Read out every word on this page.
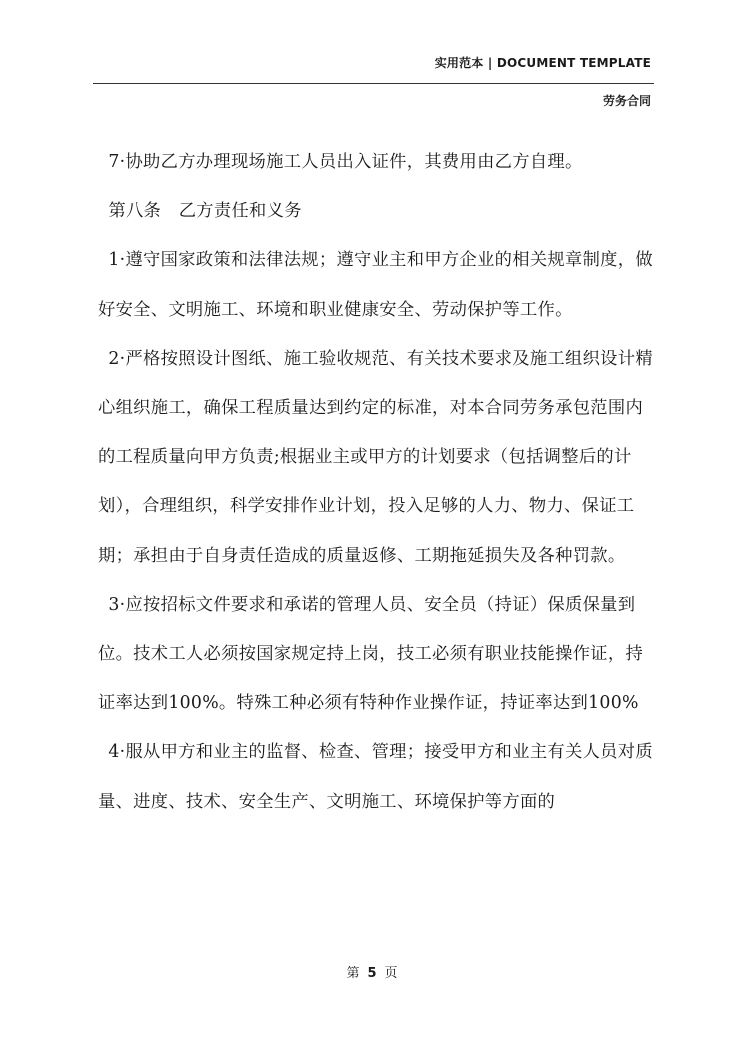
实用范本 | DOCUMENT TEMPLATE
劳务合同

7·协助乙方办理现场施工人员出入证件，其费用由乙方自理。

第八条　乙方责任和义务

1·遵守国家政策和法律法规；遵守业主和甲方企业的相关规章制度，做好安全、文明施工、环境和职业健康安全、劳动保护等工作。

2·严格按照设计图纸、施工验收规范、有关技术要求及施工组织设计精心组织施工，确保工程质量达到约定的标准，对本合同劳务承包范围内的工程质量向甲方负责;根据业主或甲方的计划要求（包括调整后的计划），合理组织，科学安排作业计划，投入足够的人力、物力、保证工期；承担由于自身责任造成的质量返修、工期拖延损失及各种罚款。

3·应按招标文件要求和承诺的管理人员、安全员（持证）保质保量到位。技术工人必须按国家规定持上岗，技工必须有职业技能操作证，持证率达到100%。特殊工种必须有特种作业操作证，持证率达到100%

4·服从甲方和业主的监督、检查、管理；接受甲方和业主有关人员对质量、进度、技术、安全生产、文明施工、环境保护等方面的

第 5 页
